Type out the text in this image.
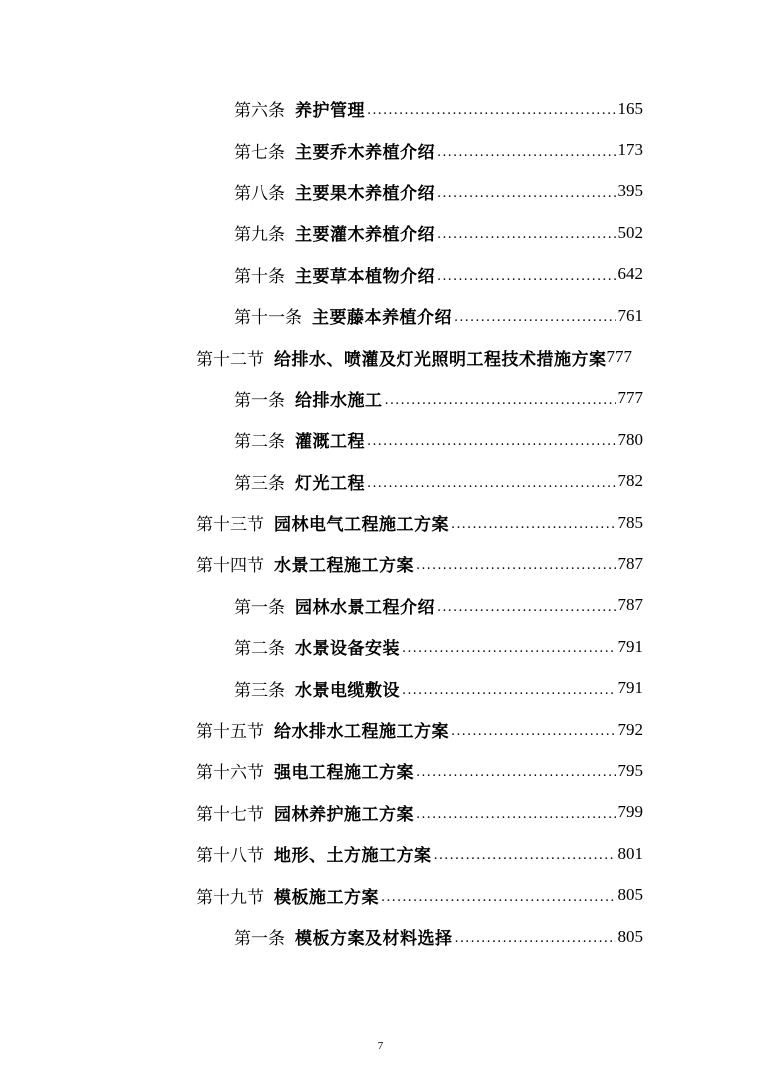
第六条 养护管理 .....	165
第七条 主要乔木养植介绍 .....	173
第八条 主要果木养植介绍 .....	395
第九条 主要灌木养植介绍 .....	502
第十条 主要草本植物介绍 .....	642
第十一条 主要藤本养植介绍 .....	761
第十二节 给排水、喷灌及灯光照明工程技术措施方案 777
第一条 给排水施工 .....	777
第二条 灌溉工程 .....	780
第三条 灯光工程 .....	782
第十三节 园林电气工程施工方案 .....	785
第十四节 水景工程施工方案 .....	787
第一条 园林水景工程介绍 .....	787
第二条 水景设备安装 .....	791
第三条 水景电缆敷设 .....	791
第十五节 给水排水工程施工方案 .....	792
第十六节 强电工程施工方案 .....	795
第十七节 园林养护施工方案 .....	799
第十八节 地形、土方施工方案 .....	801
第十九节 模板施工方案 .....	805
第一条 模板方案及材料选择 .....	805
7
